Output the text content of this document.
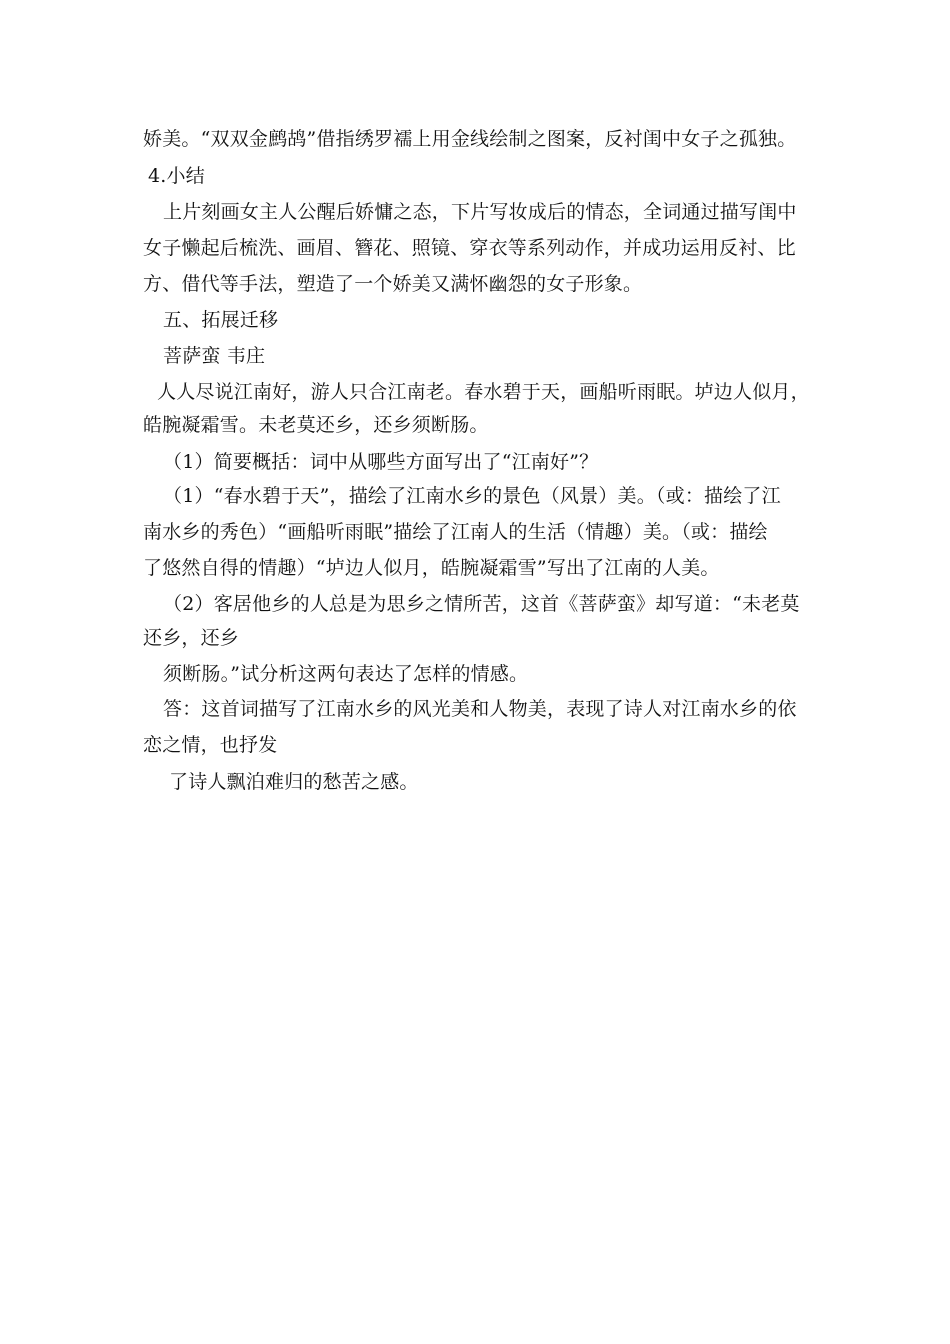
娇美。“双双金鹧鸪”借指绣罗襦上用金线绘制之图案，反衬闺中女子之孤独。
4.小结
上片刻画女主人公醒后娇慵之态，下片写妆成后的情态，全词通过描写闺中
女子懒起后梳洗、画眉、簪花、照镜、穿衣等系列动作，并成功运用反衬、比
方、借代等手法，塑造了一个娇美又满怀幽怨的女子形象。
五、拓展迁移
菩萨蛮 韦庄
人人尽说江南好，游人只合江南老。春水碧于天，画船听雨眠。垆边人似月，
皓腕凝霜雪。未老莫还乡，还乡须断肠。
（1）简要概括：词中从哪些方面写出了“江南好”？
（1）“春水碧于天”，描绘了江南水乡的景色（风景）美。（或：描绘了江
南水乡的秀色）“画船听雨眠”描绘了江南人的生活（情趣）美。（或：描绘
了悠然自得的情趣）“垆边人似月，皓腕凝霜雪”写出了江南的人美。
（2）客居他乡的人总是为思乡之情所苦，这首《菩萨蛮》却写道：“未老莫
还乡，还乡
须断肠。”试分析这两句表达了怎样的情感。
答：这首词描写了江南水乡的风光美和人物美，表现了诗人对江南水乡的依
恋之情，也抒发
了诗人飘泊难归的愁苦之感。
